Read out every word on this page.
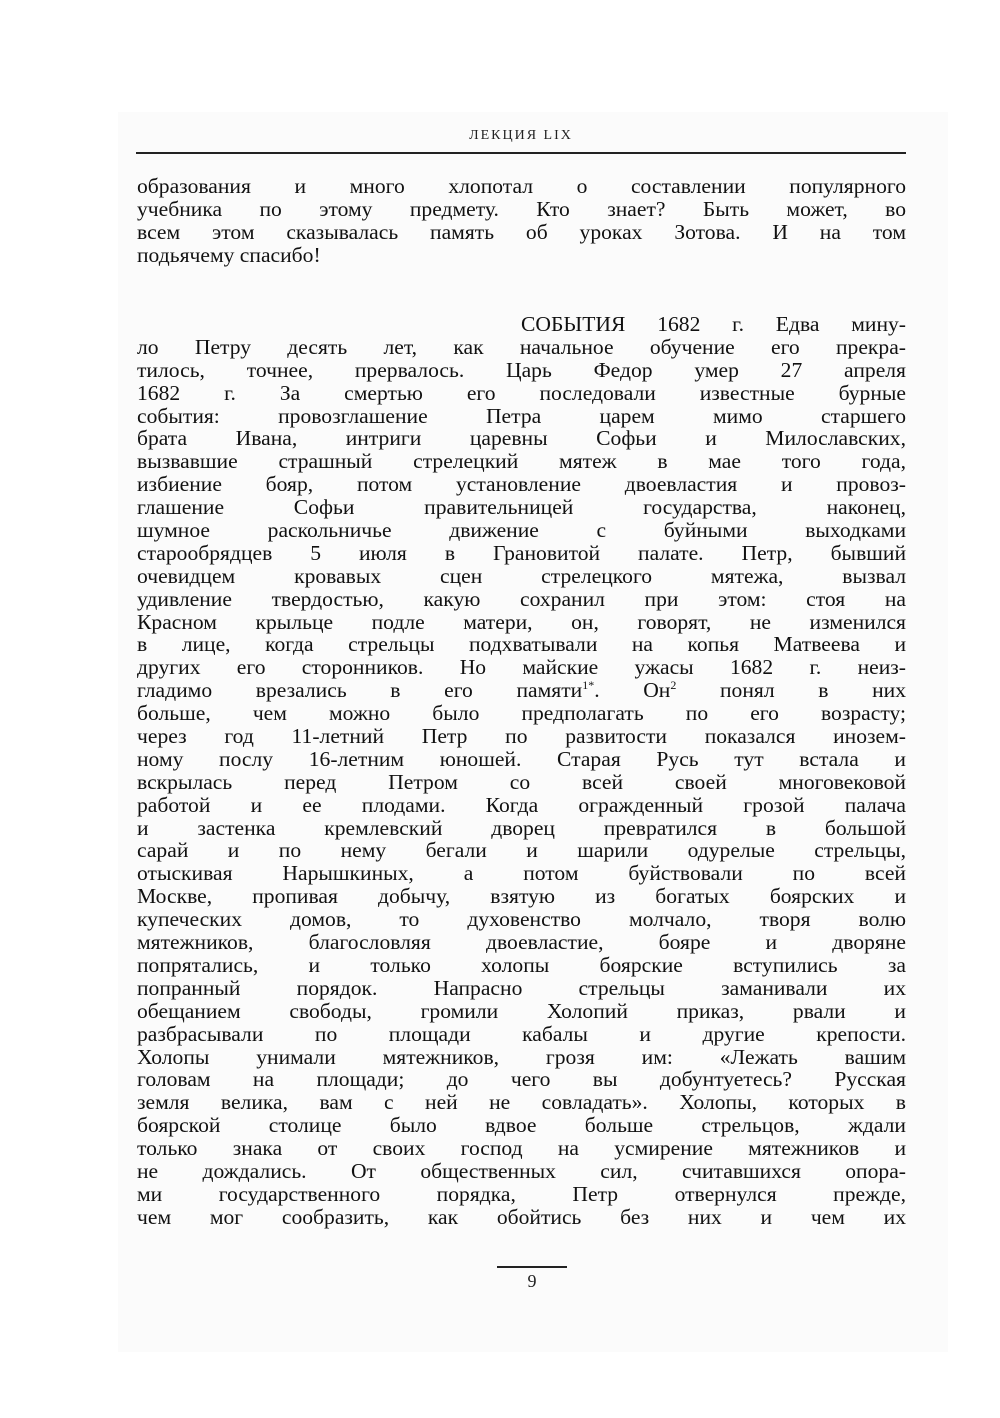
ЛЕКЦИЯ LIX
образования и много хлопотал о составлении популярного
учебника по этому предмету. Кто знает? Быть может, во
всем этом сказывалась память об уроках Зотова. И на том
подьячему спасибо!
СОБЫТИЯ 1682 г. Едва мину-
ло Петру десять лет, как начальное обучение его прекра-
тилось, точнее, прервалось. Царь Федор умер 27 апреля
1682 г. За смертью его последовали известные бурные
события: провозглашение Петра царем мимо старшего
брата Ивана, интриги царевны Софьи и Милославских,
вызвавшие страшный стрелецкий мятеж в мае того года,
избиение бояр, потом установление двоевластия и провоз-
глашение Софьи правительницей государства, наконец,
шумное раскольничье движение с буйными выходками
старообрядцев 5 июля в Грановитой палате. Петр, бывший
очевидцем кровавых сцен стрелецкого мятежа, вызвал
удивление твердостью, какую сохранил при этом: стоя на
Красном крыльце подле матери, он, говорят, не изменился
в лице, когда стрельцы подхватывали на копья Матвеева и
других его сторонников. Но майские ужасы 1682 г. неиз-
гладимо врезались в его памяти$^{1*}$. $Он^2$ понял в них
больше, чем можно было предполагать по его возрасту;
через год 11-летний Петр по развитости показался инозем-
ному послу 16-летним юношей. Старая Русь тут встала и
вскрылась перед Петром со всей своей многовековой
работой и ее плодами. Когда огражденный грозой палача
и застенка кремлевский дворец превратился в большой
сарай и по нему бегали и шарили одурелые стрельцы,
отыскивая Нарышкиных, а потом буйствовали по всей
Москве, пропивая добычу, взятую из богатых боярских и
купеческих домов, то духовенство молчало, творя волю
мятежников, благословляя двоевластие, бояре и дворяне
попрятались, и только холопы боярские вступились за
попранный порядок. Напрасно стрельцы заманивали их
обещанием свободы, громили Холопий приказ, рвали и
разбрасывали по площади кабалы и другие крепости.
Холопы унимали мятежников, грозя им: «Лежать вашим
головам на площади; до чего вы добунтуетесь? Русская
земля велика, вам с ней не совладать». Холопы, которых в
боярской столице было вдвое больше стрельцов, ждали
только знака от своих господ на усмирение мятежников и
не дождались. От общественных сил, считавшихся опора-
ми государственного порядка, Петр отвернулся прежде,
чем мог сообразить, как обойтись без них и чем их
9
